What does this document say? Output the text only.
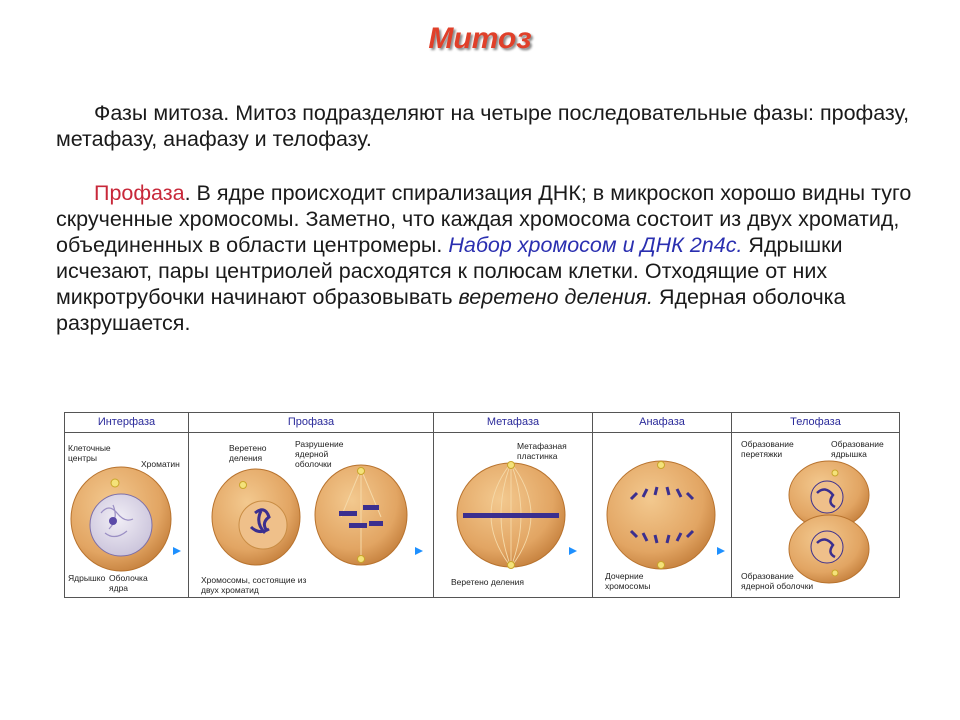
Митоз
Фазы митоза. Митоз подразделяют на четыре последовательные фазы: профазу, метафазу, анафазу и телофазу.
Профаза. В ядре происходит спирализация ДНК; в микроскоп хорошо видны туго скрученные хромосомы. Заметно, что каждая хромосома состоит из двух хроматид, объединенных в области центромеры. Набор хромосом и ДНК 2n4c. Ядрышки исчезают, пары центриолей расходятся к полюсам клетки. Отходящие от них микротрубочки начинают образовывать веретено деления. Ядерная оболочка разрушается.
Интерфаза	Профаза	Метафаза	Анафаза	Телофаза
Клеточные центры
Хроматин
Ядрышко Оболочка ядра
Веретено деления
Разрушение ядерной оболочки
Хромосомы, состоящие из двух хроматид
Метафазная пластинка
Веретено деления
Дочерние хромосомы
Образование перетяжки
Образование ядрышка
Образование ядерной оболочки
